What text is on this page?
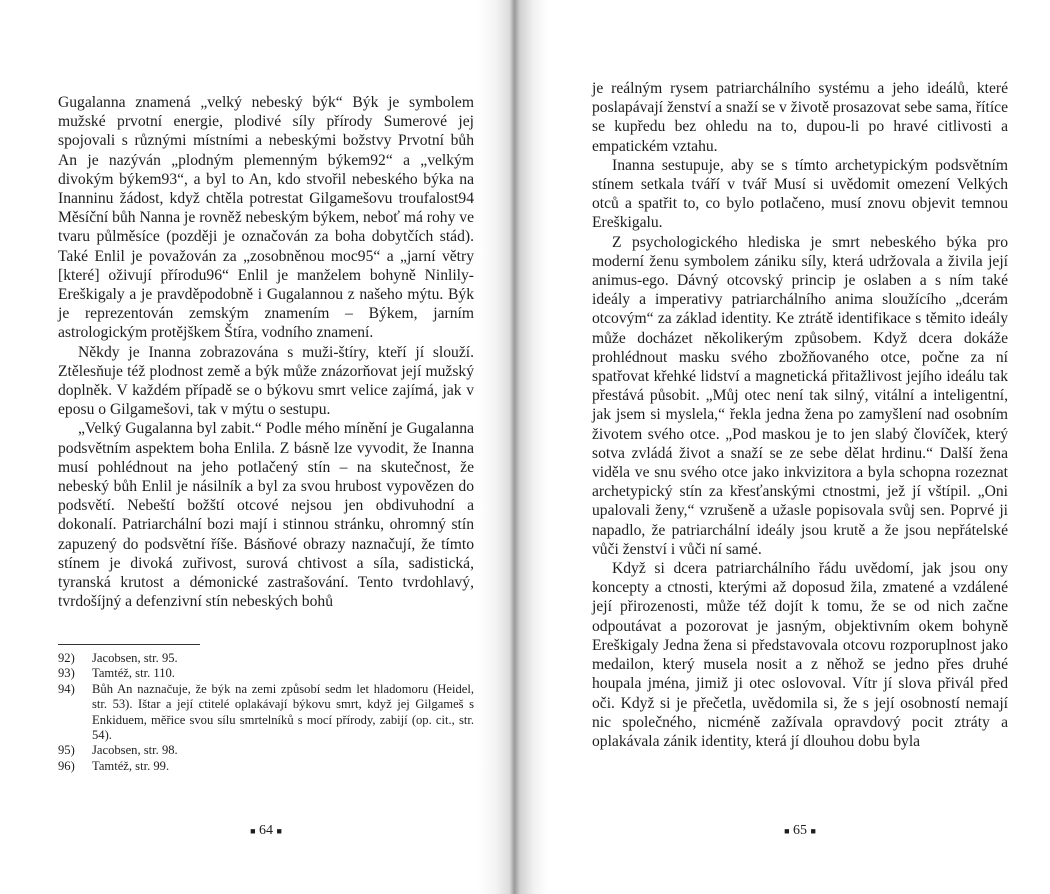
Gugalanna znamená „velký nebeský býk“ Býk je symbolem mužské prvotní energie, plodivé síly přírody Sumerové jej spojovali s různými místními a nebeskými božstvy Prvotní bůh An je nazýván „plodným plemenným býkem92“ a „velkým divokým býkem93“, a byl to An, kdo stvořil nebeského býka na Inanninu žádost, když chtěla potrestat Gilgamešovu troufalost94 Měsíční bůh Nanna je rovněž nebeským býkem, neboť má rohy ve tvaru půlměsíce (později je označován za boha dobytčích stád). Také Enlil je považován za „zosobněnou moc95“ a „jarní větry [které] oživují přírodu96“ Enlil je manželem bohyně Ninlily-Ereškigaly a je pravděpodobně i Gugalannou z našeho mýtu. Býk je reprezentován zemským znamením – Býkem, jarním astrologickým protějškem Štíra, vodního znamení.

Někdy je Inanna zobrazována s muži-štíry, kteří jí slouží. Ztělesňuje též plodnost země a býk může znázorňovat její mužský doplněk. V každém případě se o býkovu smrt velice zajímá, jak v eposu o Gilgamešovi, tak v mýtu o sestupu.

„Velký Gugalanna byl zabit.“ Podle mého mínění je Gugalanna podsvětním aspektem boha Enlila. Z básně lze vyvodit, že Inanna musí pohlédnout na jeho potlačený stín – na skutečnost, že nebeský bůh Enlil je násilník a byl za svou hrubost vypovězen do podsvětí. Nebeští božští otcové nejsou jen obdivuhodní a dokonalí. Patriarchální bozi mají i stinnou stránku, ohromný stín zapuzený do podsvětní říše. Básňové obrazy naznačují, že tímto stínem je divoká zuřivost, surová chtivost a síla, sadistická, tyranská krutost a démonické zastrašování. Tento tvrdohlavý, tvrdošíjný a defenzivní stín nebeských bohů

92)	Jacobsen, str. 95.
93)	Tamtéž, str. 110.
94)	Bůh An naznačuje, že býk na zemi způsobí sedm let hladomoru (Heidel, str. 53). Ištar a její ctitelé oplakávají býkovu smrt, když jej Gilgameš s Enkiduem, měřice svou sílu smrtelníků s mocí přírody, zabijí (op. cit., str. 54).
95)	Jacobsen, str. 98.
96)	Tamtéž, str. 99.
■ 64 ■

je reálným rysem patriarchálního systému a jeho ideálů, které poslapávají ženství a snaží se v životě prosazovat sebe sama, řítíce se kupředu bez ohledu na to, dupou-li po hravé citlivosti a empatickém vztahu.

Inanna sestupuje, aby se s tímto archetypickým podsvětním stínem setkala tváří v tvář Musí si uvědomit omezení Velkých otců a spatřit to, co bylo potlačeno, musí znovu objevit temnou Ereškigalu.

Z psychologického hlediska je smrt nebeského býka pro moderní ženu symbolem zániku síly, která udržovala a živila její animus-ego. Dávný otcovský princip je oslaben a s ním také ideály a imperativy patriarchálního anima sloužícího „dcerám otcovým“ za základ identity. Ke ztrátě identifikace s těmito ideály může docházet několikerým způsobem. Když dcera dokáže prohlédnout masku svého zbožňovaného otce, počne za ní spatřovat křehké lidství a magnetická přitažlivost jejího ideálu tak přestává působit. „Můj otec není tak silný, vitální a inteligentní, jak jsem si myslela,“ řekla jedna žena po zamyšlení nad osobním životem svého otce. „Pod maskou je to jen slabý človíček, který sotva zvládá život a snaží se ze sebe dělat hrdinu.“ Další žena viděla ve snu svého otce jako inkvizitora a byla schopna rozeznat archetypický stín za křesťanskými ctnostmi, jež jí vštípil. „Oni upalovali ženy,“ vzrušeně a užasle popisovala svůj sen. Poprvé ji napadlo, že patriarchální ideály jsou krutě a že jsou nepřátelské vůči ženství i vůči ní samé.

Když si dcera patriarchálního řádu uvědomí, jak jsou ony koncepty a ctnosti, kterými až doposud žila, zmatené a vzdálené její přirozenosti, může též dojít k tomu, že se od nich začne odpoutávat a pozorovat je jasným, objektivním okem bohyně Ereškigaly Jedna žena si představovala otcovu rozporuplnost jako medailon, který musela nosit a z něhož se jedno přes druhé houpala jména, jimiž ji otec oslovoval. Vítr jí slova přivál před oči. Když si je přečetla, uvědomila si, že s její osobností nemají nic společného, nicméně zažívala opravdový pocit ztráty a oplakávala zánik identity, která jí dlouhou dobu byla

■ 65 ■
